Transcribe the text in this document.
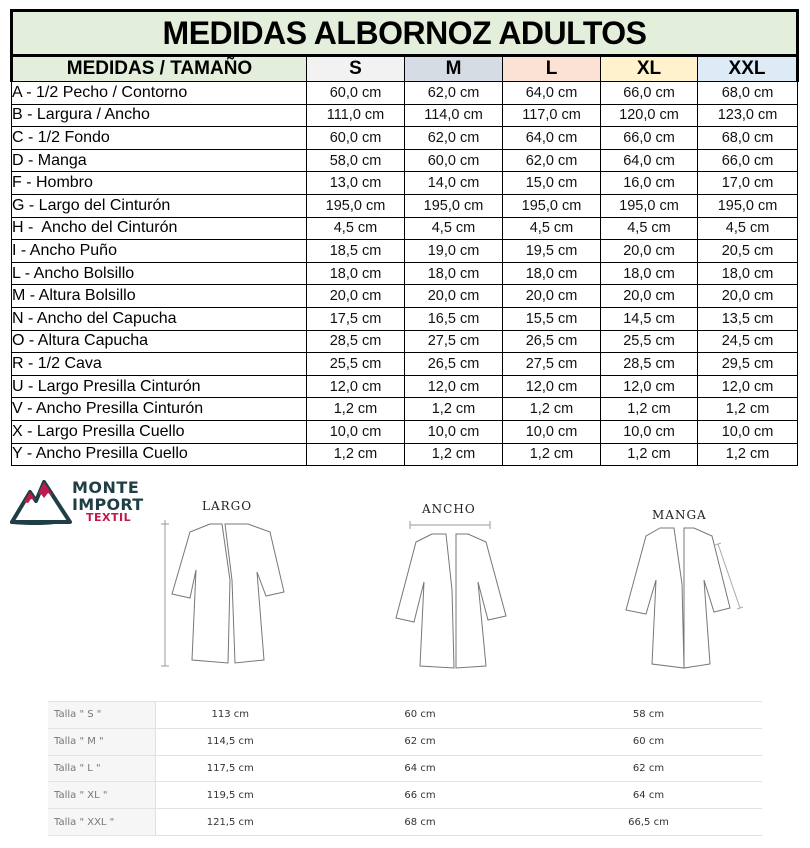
MEDIDAS ALBORNOZ ADULTOS					
MEDIDAS / TAMAÑO	S	M	L	XL	XXL
A - 1/2 Pecho / Contorno	60,0 cm	62,0 cm	64,0 cm	66,0 cm	68,0 cm
B - Largura / Ancho	111,0 cm	114,0 cm	117,0 cm	120,0 cm	123,0 cm
C - 1/2 Fondo	60,0 cm	62,0 cm	64,0 cm	66,0 cm	68,0 cm
D - Manga	58,0 cm	60,0 cm	62,0 cm	64,0 cm	66,0 cm
F - Hombro	13,0 cm	14,0 cm	15,0 cm	16,0 cm	17,0 cm
G - Largo del Cinturón	195,0 cm	195,0 cm	195,0 cm	195,0 cm	195,0 cm
H -  Ancho del Cinturón	4,5 cm	4,5 cm	4,5 cm	4,5 cm	4,5 cm
I - Ancho Puño	18,5 cm	19,0 cm	19,5 cm	20,0 cm	20,5 cm
L - Ancho Bolsillo	18,0 cm	18,0 cm	18,0 cm	18,0 cm	18,0 cm
M - Altura Bolsillo	20,0 cm	20,0 cm	20,0 cm	20,0 cm	20,0 cm
N - Ancho del Capucha	17,5 cm	16,5 cm	15,5 cm	14,5 cm	13,5 cm
O - Altura Capucha	28,5 cm	27,5 cm	26,5 cm	25,5 cm	24,5 cm
R - 1/2 Cava	25,5 cm	26,5 cm	27,5 cm	28,5 cm	29,5 cm
U - Largo Presilla Cinturón	12,0 cm	12,0 cm	12,0 cm	12,0 cm	12,0 cm
V - Ancho Presilla Cinturón	1,2 cm	1,2 cm	1,2 cm	1,2 cm	1,2 cm
X - Largo Presilla Cuello	10,0 cm	10,0 cm	10,0 cm	10,0 cm	10,0 cm
Y - Ancho Presilla Cuello	1,2 cm	1,2 cm	1,2 cm	1,2 cm	1,2 cm
MONTE
IMPORT
TEXTIL
LARGO	ANCHO	MANGA
Talla " S "	113 cm	60 cm	58 cm
Talla " M "	114,5 cm	62 cm	60 cm
Talla " L "	117,5 cm	64 cm	62 cm
Talla " XL "	119,5 cm	66 cm	64 cm
Talla " XXL "	121,5 cm	68 cm	66,5 cm
